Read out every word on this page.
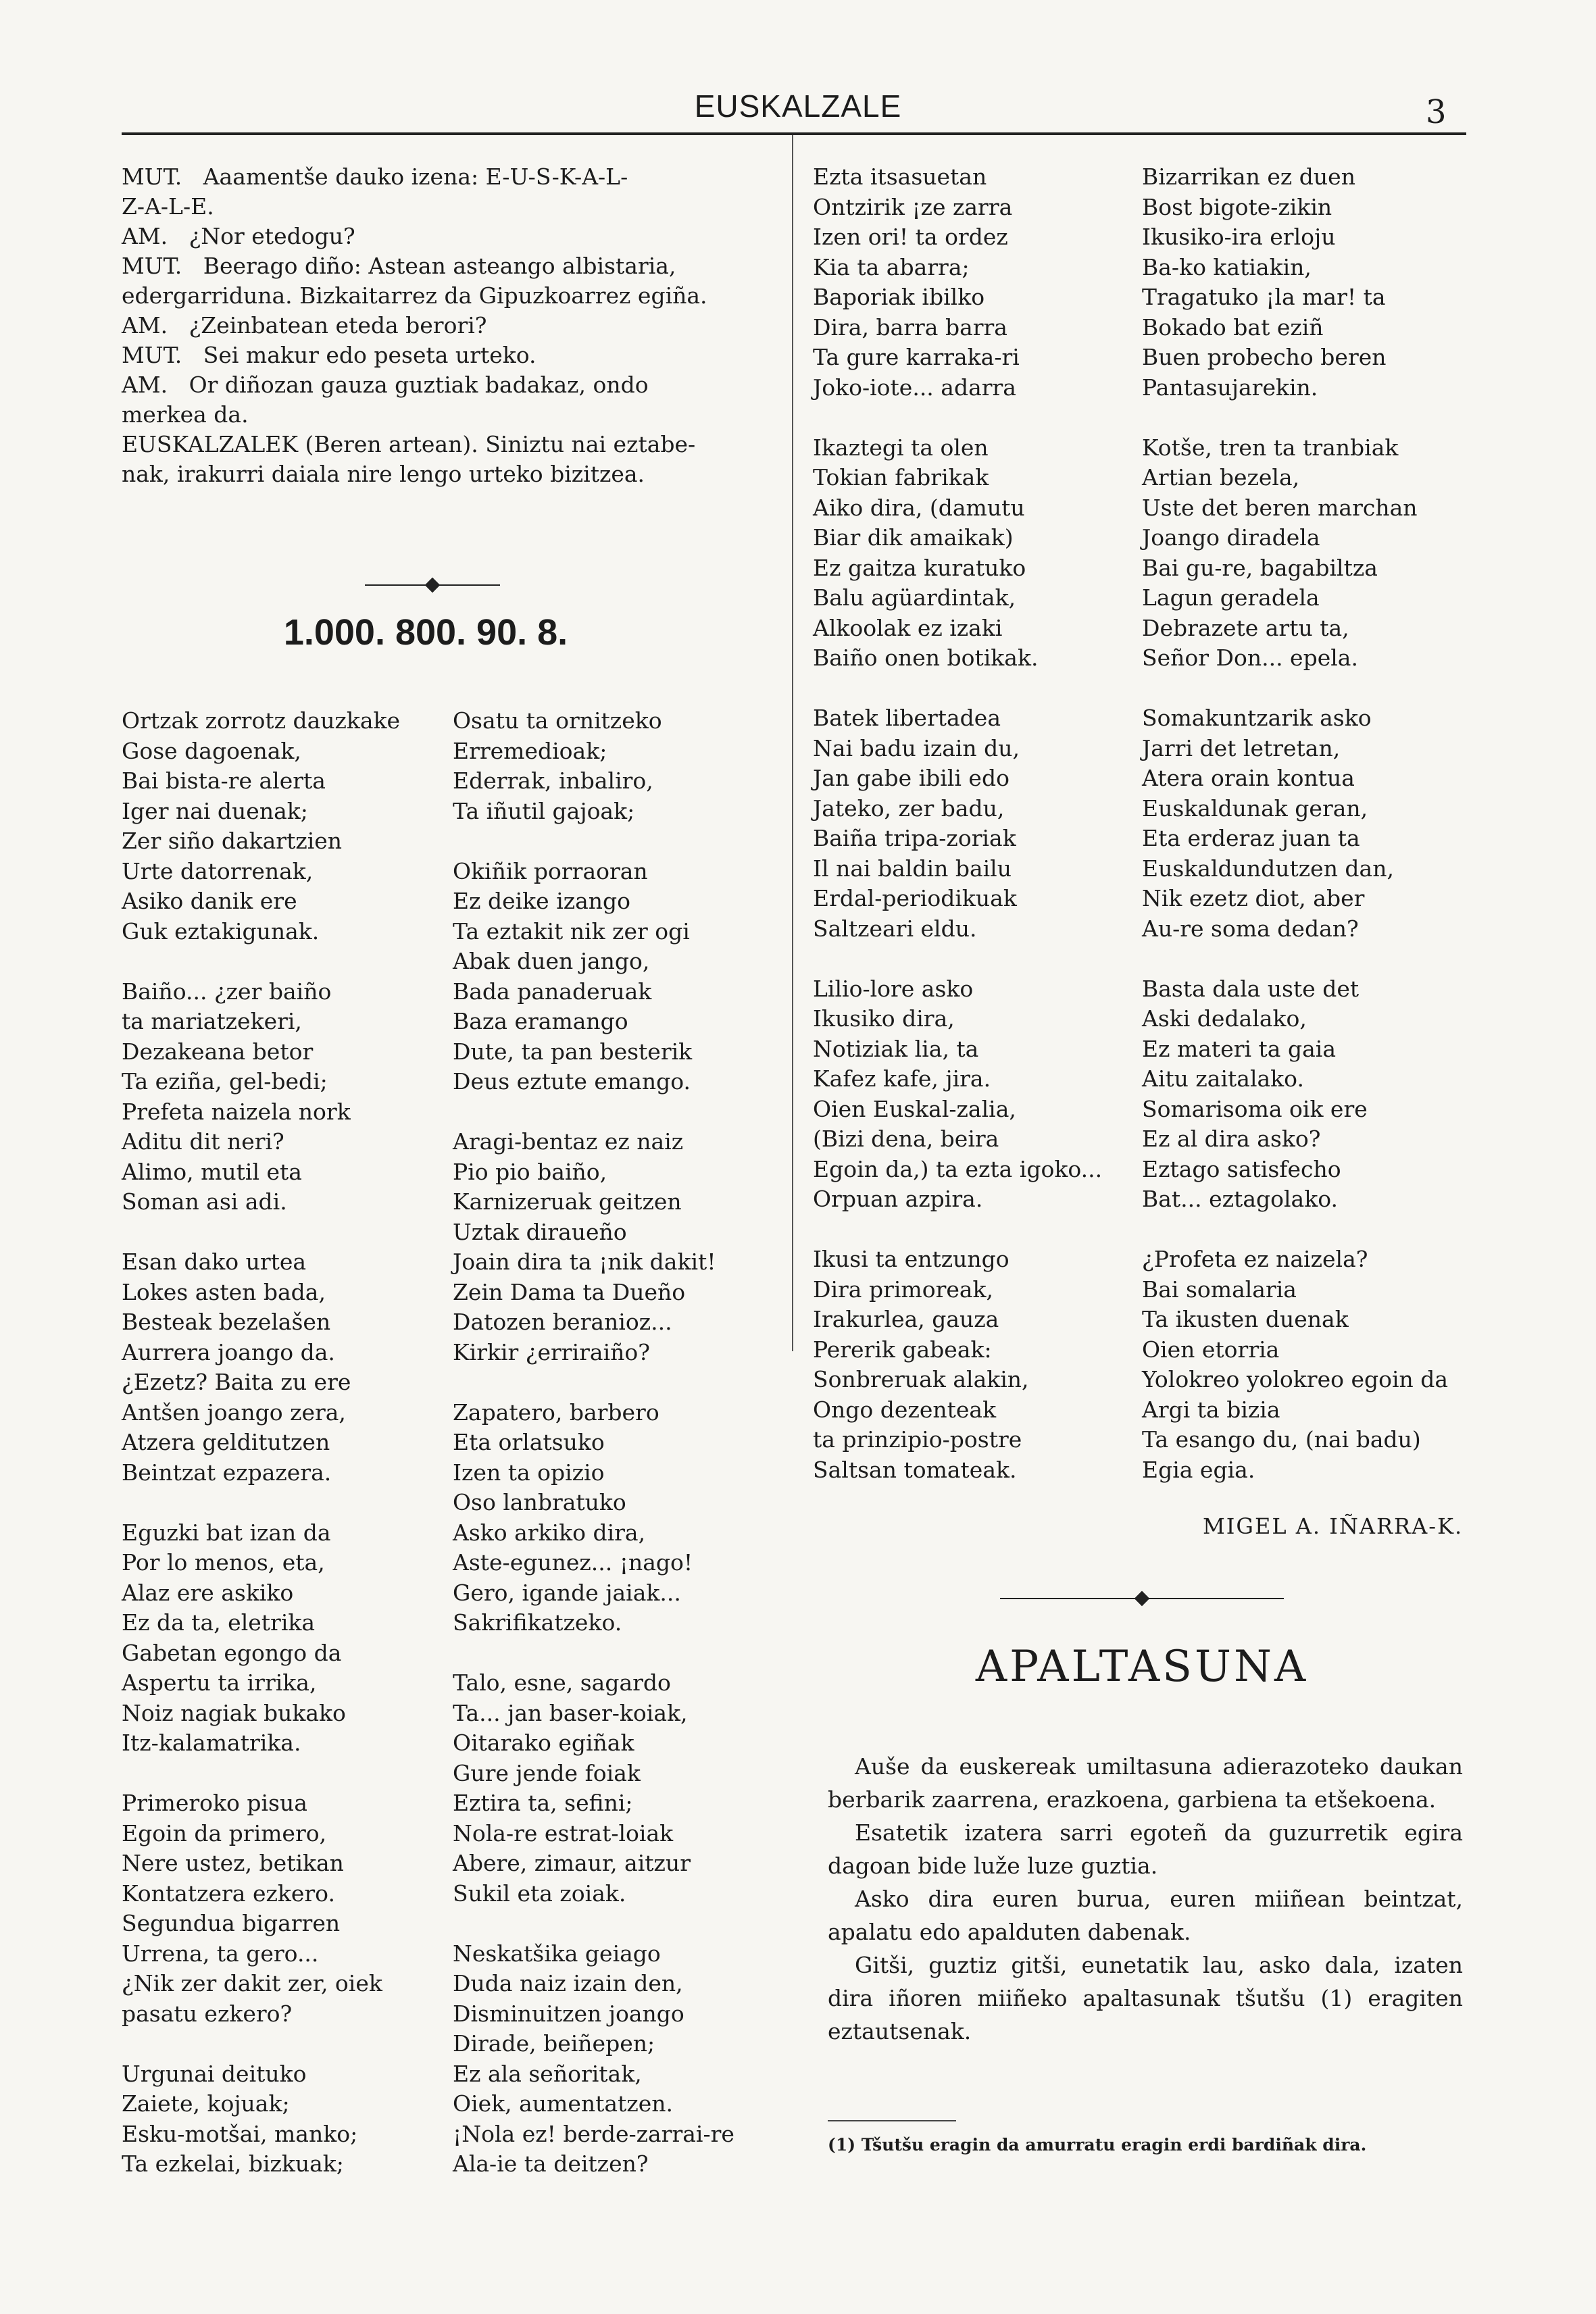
EUSKALZALE	3
MUT.   Aaamentše dauko izena: E-U-S-K-A-L-
Z-A-L-E.
AM.   ¿Nor etedogu?
MUT.   Beerago diño: Astean asteango albistaria,
edergarriduna. Bizkaitarrez da Gipuzkoarrez egiña.
AM.   ¿Zeinbatean eteda berori?
MUT.   Sei makur edo peseta urteko.
AM.   Or diñozan gauza guztiak badakaz, ondo
merkea da.
EUSKALZALEK (Beren artean). Siniztu nai eztabe-
nak, irakurri daiala nire lengo urteko bizitzea.
1.000. 800. 90. 8.
Ortzak zorrotz dauzkake
Gose dagoenak,
Bai bista-re alerta
Iger nai duenak;
Zer siño dakartzien
Urte datorrenak,
Asiko danik ere
Guk eztakigunak.

Baiño... ¿zer baiño
ta mariatzekeri,
Dezakeana betor
Ta eziña, gel-bedi;
Prefeta naizela nork
Aditu dit neri?
Alimo, mutil eta
Soman asi adi.

Esan dako urtea
Lokes asten bada,
Besteak bezelašen
Aurrera joango da.
¿Ezetz? Baita zu ere
Antšen joango zera,
Atzera gelditutzen
Beintzat ezpazera.

Eguzki bat izan da
Por lo menos, eta,
Alaz ere askiko
Ez da ta, eletrika
Gabetan egongo da
Aspertu ta irrika,
Noiz nagiak bukako
Itz-kalamatrika.

Primeroko pisua
Egoin da primero,
Nere ustez, betikan
Kontatzera ezkero.
Segundua bigarren
Urrena, ta gero...
¿Nik zer dakit zer, oiek
pasatu ezkero?

Urgunai deituko
Zaiete, kojuak;
Esku-motšai, manko;
Ta ezkelai, bizkuak;
Osatu ta ornitzeko
Erremedioak;
Ederrak, inbaliro,
Ta iñutil gajoak;

Okiñik porraoran
Ez deike izango
Ta eztakit nik zer ogi
Abak duen jango,
Bada panaderuak
Baza eramango
Dute, ta pan besterik
Deus eztute emango.

Aragi-bentaz ez naiz
Pio pio baiño,
Karnizeruak geitzen
Uztak diraueño
Joain dira ta ¡nik dakit!
Zein Dama ta Dueño
Datozen beranioz...
Kirkir ¿erriraiño?

Zapatero, barbero
Eta orlatsuko
Izen ta opizio
Oso lanbratuko
Asko arkiko dira,
Aste-egunez... ¡nago!
Gero, igande jaiak...
Sakrifikatzeko.

Talo, esne, sagardo
Ta... jan baser-koiak,
Oitarako egiñak
Gure jende foiak
Eztira ta, sefini;
Nola-re estrat-loiak
Abere, zimaur, aitzur
Sukil eta zoiak.

Neskatšika geiago
Duda naiz izain den,
Disminuitzen joango
Dirade, beiñepen;
Ez ala señoritak,
Oiek, aumentatzen.
¡Nola ez! berde-zarrai-re
Ala-ie ta deitzen?
Ezta itsasuetan
Ontzirik ¡ze zarra
Izen ori! ta ordez
Kia ta abarra;
Baporiak ibilko
Dira, barra barra
Ta gure karraka-ri
Joko-iote... adarra

Ikaztegi ta olen
Tokian fabrikak
Aiko dira, (damutu
Biar dik amaikak)
Ez gaitza kuratuko
Balu agüardintak,
Alkoolak ez izaki
Baiño onen botikak.

Batek libertadea
Nai badu izain du,
Jan gabe ibili edo
Jateko, zer badu,
Baiña tripa-zoriak
Il nai baldin bailu
Erdal-periodikuak
Saltzeari eldu.

Lilio-lore asko
Ikusiko dira,
Notiziak lia, ta
Kafez kafe, jira.
Oien Euskal-zalia,
(Bizi dena, beira
Egoin da,) ta ezta igoko...
Orpuan azpira.

Ikusi ta entzungo
Dira primoreak,
Irakurlea, gauza
Pererik gabeak:
Sonbreruak alakin,
Ongo dezenteak
ta prinzipio-postre
Saltsan tomateak.
Bizarrikan ez duen
Bost bigote-zikin
Ikusiko-ira erloju
Ba-ko katiakin,
Tragatuko ¡la mar! ta
Bokado bat eziñ
Buen probecho beren
Pantasujarekin.

Kotše, tren ta tranbiak
Artian bezela,
Uste det beren marchan
Joango diradela
Bai gu-re, bagabiltza
Lagun geradela
Debrazete artu ta,
Señor Don... epela.

Somakuntzarik asko
Jarri det letretan,
Atera orain kontua
Euskaldunak geran,
Eta erderaz juan ta
Euskaldundutzen dan,
Nik ezetz diot, aber
Au-re soma dedan?

Basta dala uste det
Aski dedalako,
Ez materi ta gaia
Aitu zaitalako.
Somarisoma oik ere
Ez al dira asko?
Eztago satisfecho
Bat... eztagolako.

¿Profeta ez naizela?
Bai somalaria
Ta ikusten duenak
Oien etorria
Yolokreo yolokreo egoin da
Argi ta bizia
Ta esango du, (nai badu)
Egia egia.
MIGEL A. IÑARRA-K.
APALTASUNA

Auše da euskereak umiltasuna adierazoteko daukan berbarik zaarrena, erazkoena, garbiena ta etšekoena.

Esatetik izatera sarri egoteñ da guzurretik egira dagoan bide luže luze guztia.

Asko dira euren burua, euren miiñean beintzat, apalatu edo apalduten dabenak.

Gitši, guztiz gitši, eunetatik lau, asko dala, izaten dira iñoren miiñeko apaltasunak tšutšu (1) eragiten eztautsenak.

(1) Tšutšu eragin da amurratu eragin erdi bardiñak dira.
